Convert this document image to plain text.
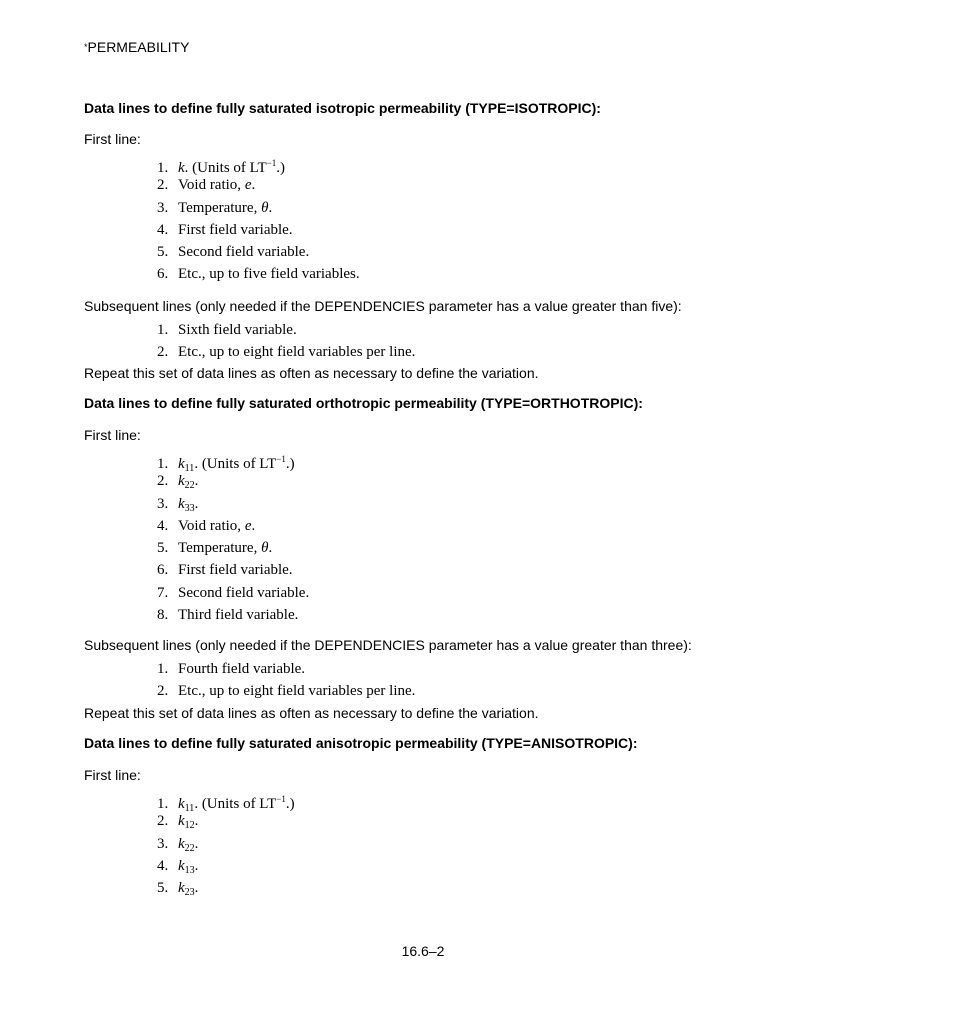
*PERMEABILITY
Data lines to define fully saturated isotropic permeability (TYPE=ISOTROPIC):
First line:
1. k. (Units of $LT^{-1}$.)
2. Void ratio, e.
3. Temperature, θ.
4. First field variable.
5. Second field variable.
6. Etc., up to five field variables.
Subsequent lines (only needed if the DEPENDENCIES parameter has a value greater than five):
1. Sixth field variable.
2. Etc., up to eight field variables per line.
Repeat this set of data lines as often as necessary to define the variation.
Data lines to define fully saturated orthotropic permeability (TYPE=ORTHOTROPIC):
First line:
1. $k_{11}$. (Units of $LT^{-1}$.)
2. $k_{22}$.
3. $k_{33}$.
4. Void ratio, e.
5. Temperature, θ.
6. First field variable.
7. Second field variable.
8. Third field variable.
Subsequent lines (only needed if the DEPENDENCIES parameter has a value greater than three):
1. Fourth field variable.
2. Etc., up to eight field variables per line.
Repeat this set of data lines as often as necessary to define the variation.
Data lines to define fully saturated anisotropic permeability (TYPE=ANISOTROPIC):
First line:
1. $k_{11}$. (Units of $LT^{-1}$.)
2. $k_{12}$.
3. $k_{22}$.
4. $k_{13}$.
5. $k_{23}$.
16.6–2
